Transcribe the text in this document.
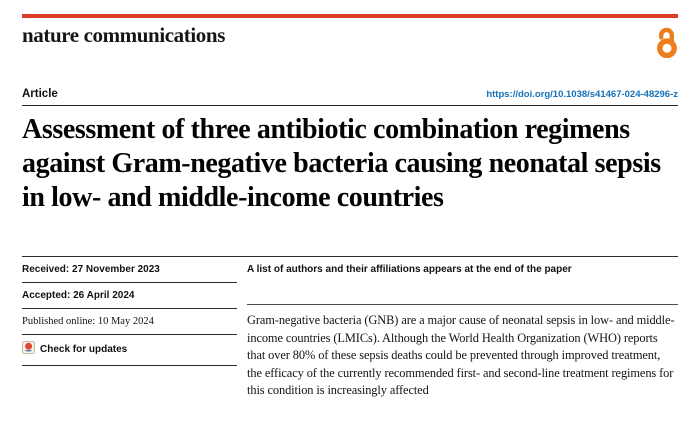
nature communications
Article	https://doi.org/10.1038/s41467-024-48296-z
Assessment of three antibiotic combination regimens against Gram-negative bacteria causing neonatal sepsis in low- and middle-income countries
Received: 27 November 2023
Accepted: 26 April 2024
Published online: 10 May 2024
Check for updates
A list of authors and their affiliations appears at the end of the paper
Gram-negative bacteria (GNB) are a major cause of neonatal sepsis in low- and middle-income countries (LMICs). Although the World Health Organization (WHO) reports that over 80% of these sepsis deaths could be prevented through improved treatment, the efficacy of the currently recommended first- and second-line treatment regimens for this condition is increasingly affected
